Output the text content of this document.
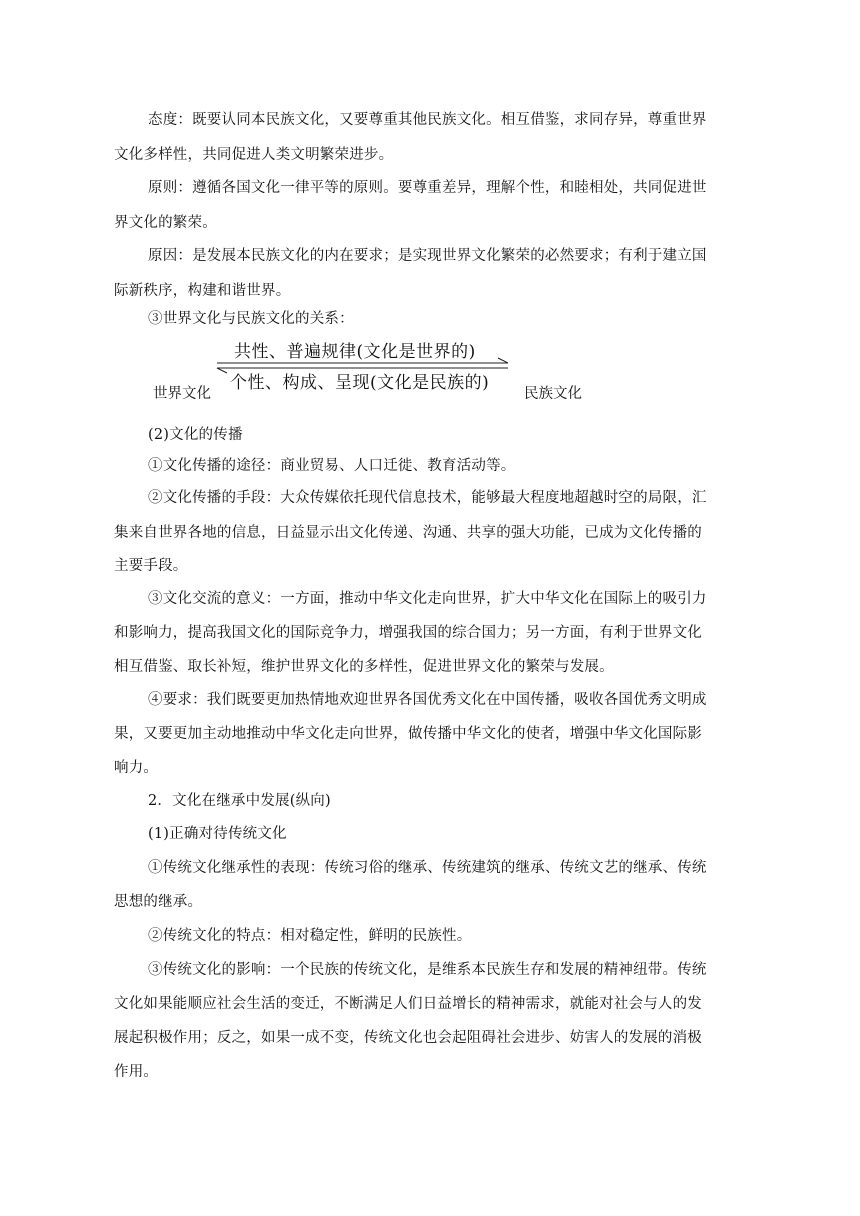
态度：既要认同本民族文化，又要尊重其他民族文化。相互借鉴，求同存异，尊重世界
文化多样性，共同促进人类文明繁荣进步。
原则：遵循各国文化一律平等的原则。要尊重差异，理解个性，和睦相处，共同促进世
界文化的繁荣。
原因：是发展本民族文化的内在要求；是实现世界文化繁荣的必然要求；有利于建立国
际新秩序，构建和谐世界。
③世界文化与民族文化的关系：
世界文化
共性、普遍规律(文化是世界的)
个性、构成、呈现(文化是民族的)
民族文化
(2)文化的传播
①文化传播的途径：商业贸易、人口迁徙、教育活动等。
②文化传播的手段：大众传媒依托现代信息技术，能够最大程度地超越时空的局限，汇
集来自世界各地的信息，日益显示出文化传递、沟通、共享的强大功能，已成为文化传播的
主要手段。
③文化交流的意义：一方面，推动中华文化走向世界，扩大中华文化在国际上的吸引力
和影响力，提高我国文化的国际竞争力，增强我国的综合国力；另一方面，有利于世界文化
相互借鉴、取长补短，维护世界文化的多样性，促进世界文化的繁荣与发展。
④要求：我们既要更加热情地欢迎世界各国优秀文化在中国传播，吸收各国优秀文明成
果，又要更加主动地推动中华文化走向世界，做传播中华文化的使者，增强中华文化国际影
响力。
2．文化在继承中发展(纵向)
(1)正确对待传统文化
①传统文化继承性的表现：传统习俗的继承、传统建筑的继承、传统文艺的继承、传统
思想的继承。
②传统文化的特点：相对稳定性，鲜明的民族性。
③传统文化的影响：一个民族的传统文化，是维系本民族生存和发展的精神纽带。传统
文化如果能顺应社会生活的变迁，不断满足人们日益增长的精神需求，就能对社会与人的发
展起积极作用；反之，如果一成不变，传统文化也会起阻碍社会进步、妨害人的发展的消极
作用。
